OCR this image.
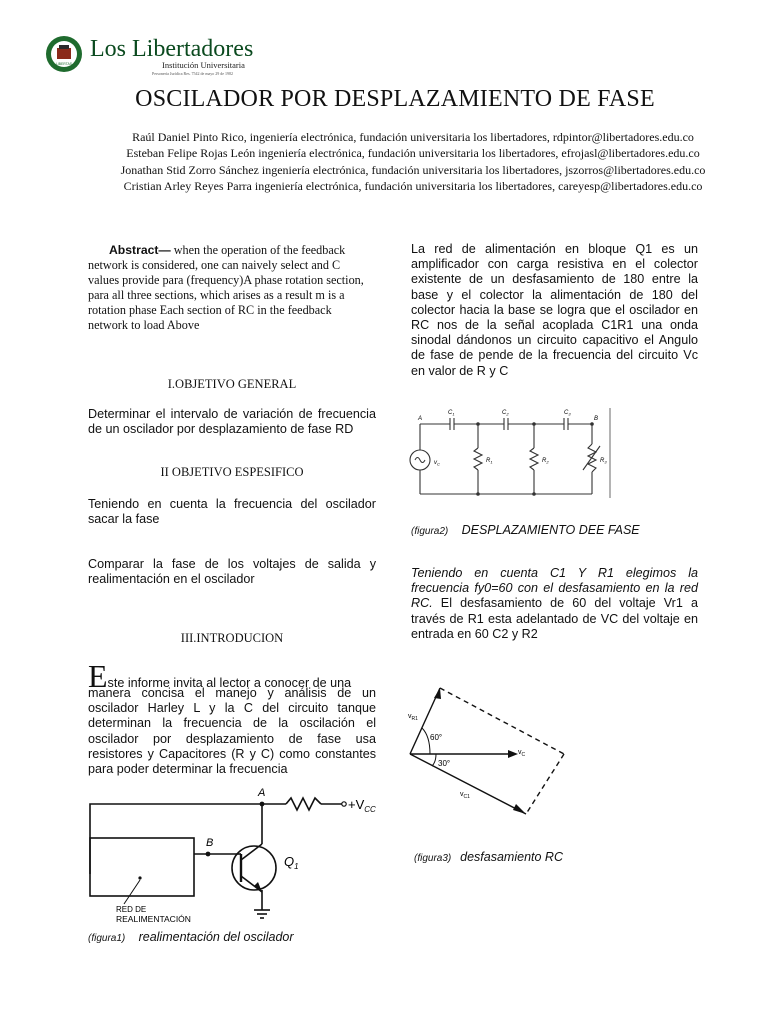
LIBERTAS
Los Libertadores
Institución Universitaria
Personería Jurídica Res. 7542 de mayo 29 de 1982
OSCILADOR POR DESPLAZAMIENTO DE FASE
Raúl Daniel Pinto Rico, ingeniería electrónica, fundación universitaria los libertadores, rdpintor@libertadores.edu.co
Esteban Felipe Rojas León ingeniería electrónica, fundación universitaria los libertadores, efrojasl@libertadores.edu.co
Jonathan Stid Zorro Sánchez ingeniería electrónica, fundación universitaria los libertadores, jszorros@libertadores.edu.co
Cristian Arley Reyes Parra ingeniería electrónica, fundación universitaria los libertadores, careyesp@libertadores.edu.co
Abstract— when the operation of the feedback
network is considered, one can naively select and C
values provide para (frequency)A phase rotation section,
para all three sections, which arises as a result m is a
rotation phase Each section of RC in the feedback
network to load Above
I.OBJETIVO GENERAL
Determinar el intervalo de variación de frecuencia de un oscilador por desplazamiento de fase RD
II OBJETIVO ESPESIFICO
Teniendo en cuenta la frecuencia del oscilador sacar la fase
Comparar la fase de los voltajes de salida y realimentación en el oscilador
III.INTRODUCION
$E_{ste informe invita al lector a conocer de una}$
manera concisa el manejo y análisis de un oscilador Harley L y la C del circuito tanque determinan la frecuencia de la oscilación el oscilador por desplazamiento de fase usa resistores y Capacitores (R y C) como constantes para poder determinar la frecuencia
A
$+V_{CC}$
B
$Q_1$
RED DE
REALIMENTACIÓN
(figura1) realimentación del oscilador
La red de alimentación en bloque Q1 es un amplificador con carga resistiva en el colector existente de un desfasamiento de 180 entre la base y el colector la alimentación de 180 del colector hacia la base se logra que el oscilador en RC nos de la señal acoplada C1R1 una onda sinodal dándonos un circuito capacitivo el Angulo de fase de pende de la frecuencia del circuito Vc en valor de R y C
A	B
$C_1$	$C_2$	$C_3$
$R_1$	$R_2$	$R_3$
$v_C$
(figura2) DESPLAZAMIENTO DEE FASE
Teniendo en cuenta C1 Y R1 elegimos la frecuencia fy0=60 con el desfasamiento en la red RC. El desfasamiento de 60 del voltaje Vr1 a través de R1 esta adelantado de VC del voltaje en entrada en 60 C2 y R2
$v_{R1}$
$v_C$
$v_{C1}$
60°
30°
(figura3) desfasamiento RC
